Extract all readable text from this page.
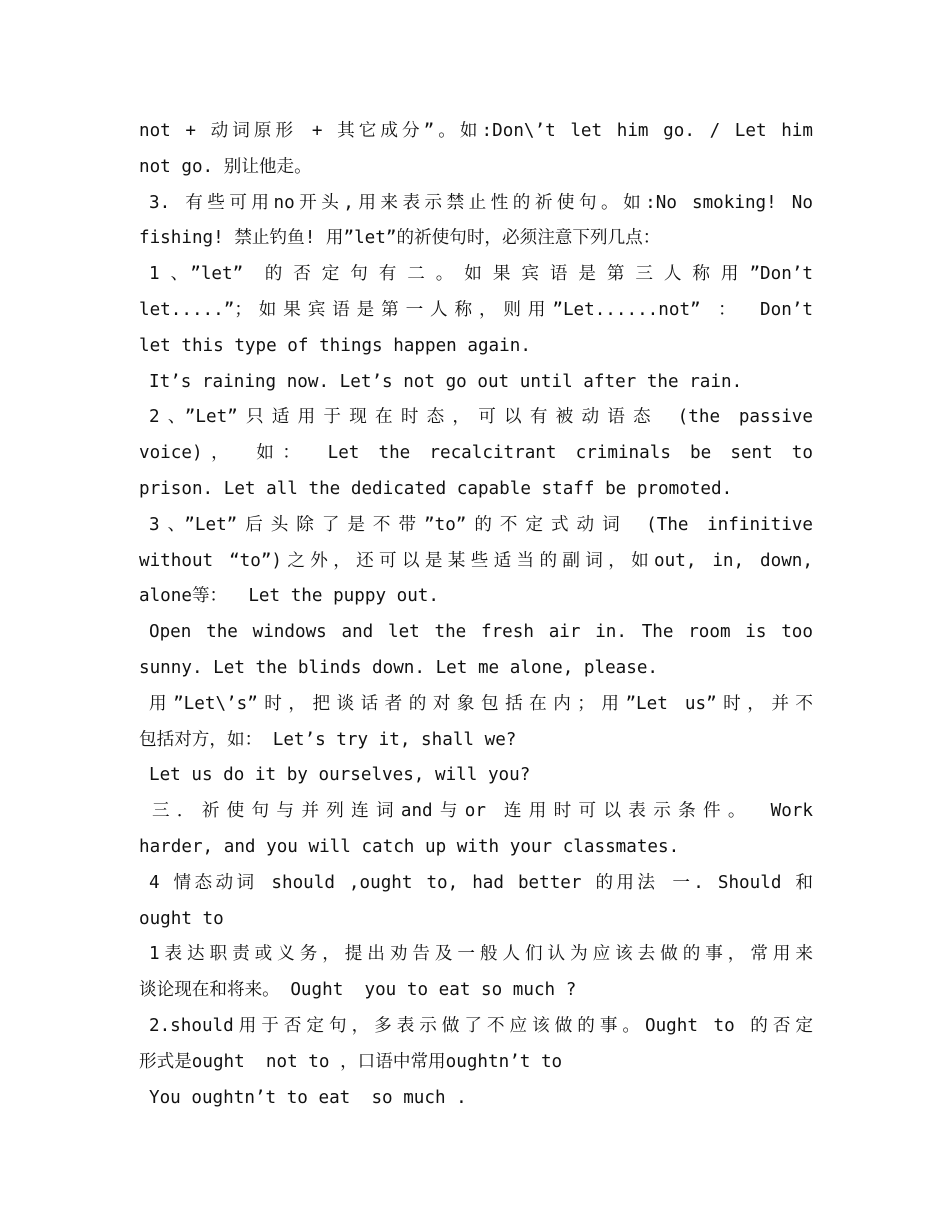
not + 动词原形 + 其它成分”。如:Don\’t let him go. / Let him
not go. 别让他走。
3. 有些可用no开头,用来表示禁止性的祈使句。如:No smoking! No
fishing! 禁止钓鱼! 用”let”的祈使句时，必须注意下列几点：
1、”let” 的否定句有二。如果宾语是第三人称用”Don’t
let.....”；如果宾语是第一人称，则用”Let......not” ： Don’t
let this type of things happen again.
It’s raining now. Let’s not go out until after the rain.
2、”Let”只适用于现在时态，可以有被动语态 (the passive
voice)， 如： Let the recalcitrant criminals be sent to
prison. Let all the dedicated capable staff be promoted.
3、”Let”后头除了是不带”to”的不定式动词 (The infinitive
without “to”)之外，还可以是某些适当的副词，如out, in, down,
alone等：  Let the puppy out.
Open the windows and let the fresh air in. The room is too
sunny. Let the blinds down. Let me alone, please.
用”Let\’s”时，把谈话者的对象包括在内；用”Let us”时，并不
包括对方，如： Let’s try it, shall we?
Let us do it by ourselves, will you?
三．祈使句与并列连词and与or 连用时可以表示条件。 Work
harder, and you will catch up with your classmates.
4 情态动词 should ,ought to, had better 的用法 一. Should 和
ought to
1表达职责或义务，提出劝告及一般人们认为应该去做的事，常用来
谈论现在和将来。 Ought  you to eat so much ?
2.should用于否定句，多表示做了不应该做的事。Ought to 的否定
形式是ought  not to ，口语中常用oughtn’t to
You oughtn’t to eat  so much .
